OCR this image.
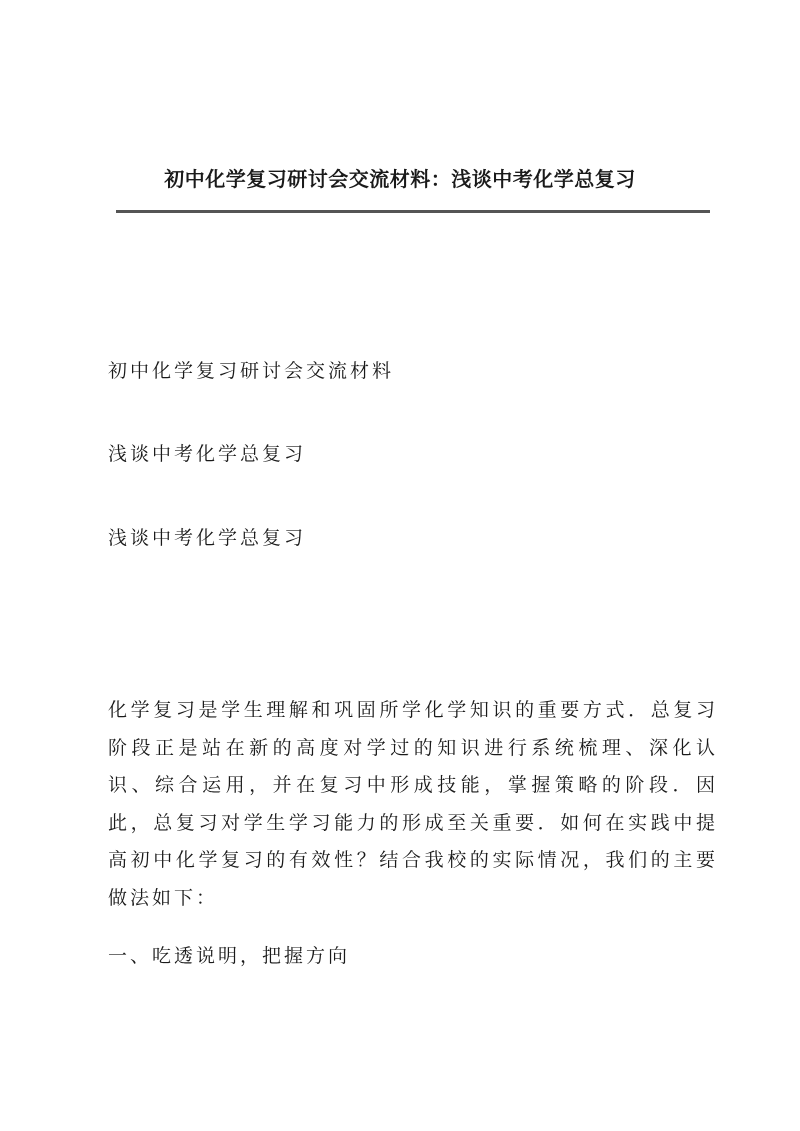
初中化学复习研讨会交流材料：浅谈中考化学总复习
初中化学复习研讨会交流材料
浅谈中考化学总复习
浅谈中考化学总复习

化学复习是学生理解和巩固所学化学知识的重要方式．总复习阶段正是站在新的高度对学过的知识进行系统梳理、深化认识、综合运用，并在复习中形成技能，掌握策略的阶段．因此，总复习对学生学习能力的形成至关重要．如何在实践中提高初中化学复习的有效性？结合我校的实际情况，我们的主要做法如下：

一、吃透说明，把握方向
